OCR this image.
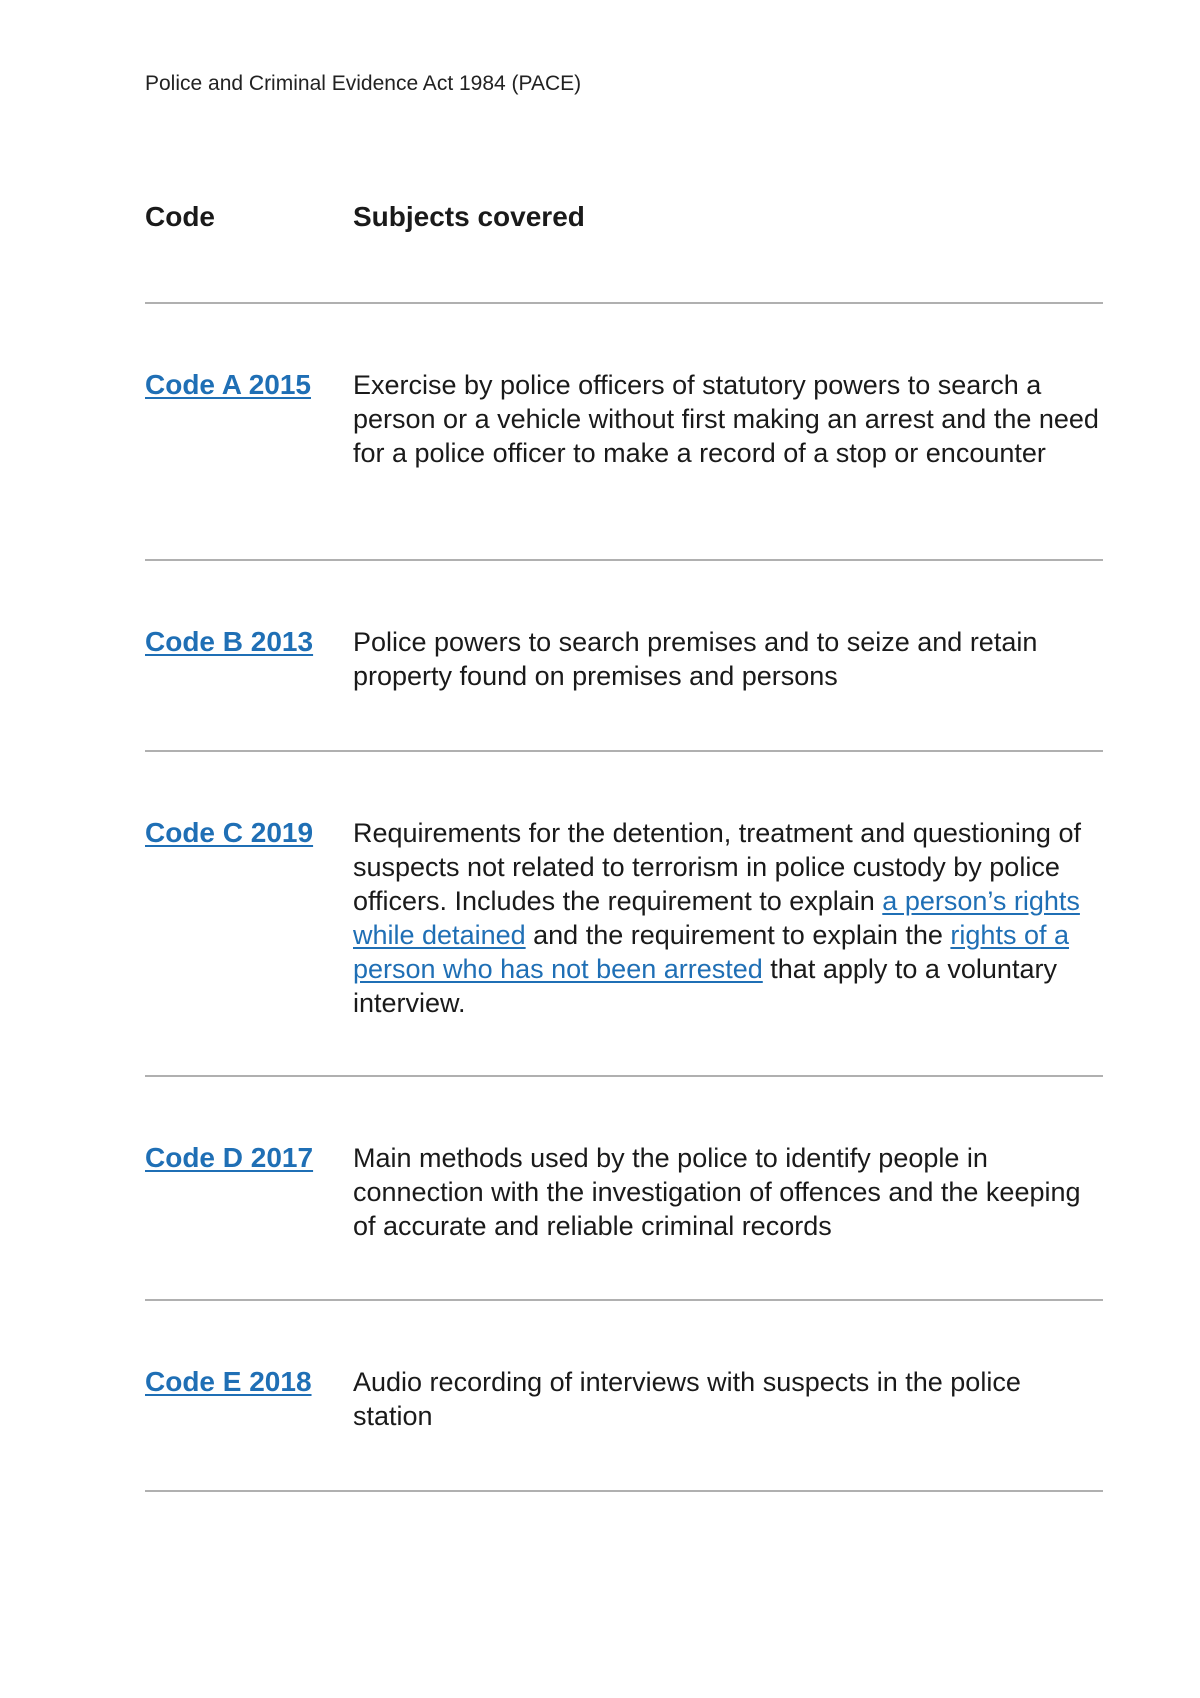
Police and Criminal Evidence Act 1984 (PACE)
Code	Subjects covered
Code A 2015	Exercise by police officers of statutory powers to search a person or a vehicle without first making an arrest and the need for a police officer to make a record of a stop or encounter
Code B 2013	Police powers to search premises and to seize and retain property found on premises and persons
Code C 2019	Requirements for the detention, treatment and questioning of suspects not related to terrorism in police custody by police officers. Includes the requirement to explain a person’s rights while detained and the requirement to explain the rights of a person who has not been arrested that apply to a voluntary interview.
Code D 2017	Main methods used by the police to identify people in connection with the investigation of offences and the keeping of accurate and reliable criminal records
Code E 2018	Audio recording of interviews with suspects in the police station
